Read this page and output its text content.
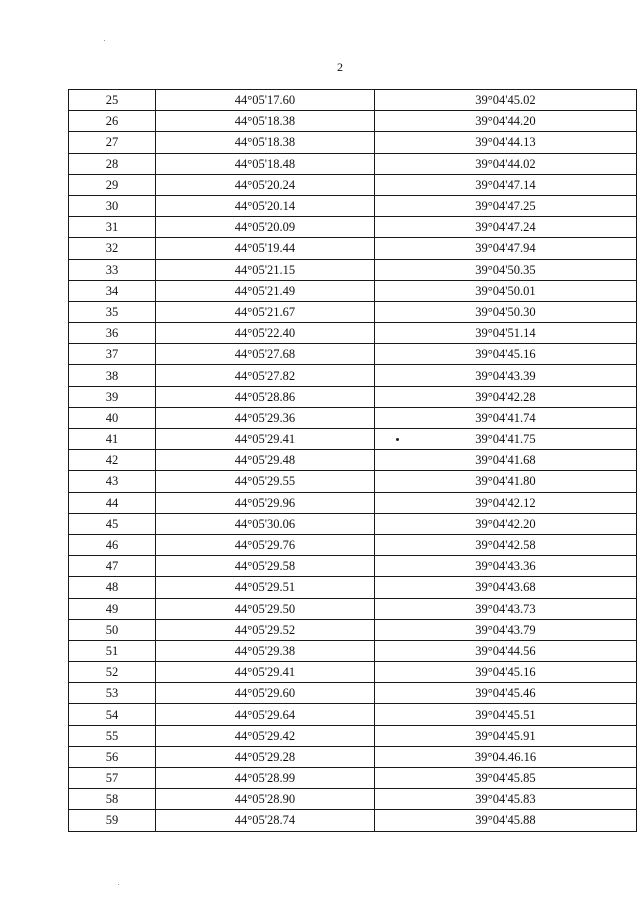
2
25	44°05'17.60	39°04'45.02
26	44°05'18.38	39°04'44.20
27	44°05'18.38	39°04'44.13
28	44°05'18.48	39°04'44.02
29	44°05'20.24	39°04'47.14
30	44°05'20.14	39°04'47.25
31	44°05'20.09	39°04'47.24
32	44°05'19.44	39°04'47.94
33	44°05'21.15	39°04'50.35
34	44°05'21.49	39°04'50.01
35	44°05'21.67	39°04'50.30
36	44°05'22.40	39°04'51.14
37	44°05'27.68	39°04'45.16
38	44°05'27.82	39°04'43.39
39	44°05'28.86	39°04'42.28
40	44°05'29.36	39°04'41.74
41	44°05'29.41	39°04'41.75
42	44°05'29.48	39°04'41.68
43	44°05'29.55	39°04'41.80
44	44°05'29.96	39°04'42.12
45	44°05'30.06	39°04'42.20
46	44°05'29.76	39°04'42.58
47	44°05'29.58	39°04'43.36
48	44°05'29.51	39°04'43.68
49	44°05'29.50	39°04'43.73
50	44°05'29.52	39°04'43.79
51	44°05'29.38	39°04'44.56
52	44°05'29.41	39°04'45.16
53	44°05'29.60	39°04'45.46
54	44°05'29.64	39°04'45.51
55	44°05'29.42	39°04'45.91
56	44°05'29.28	39°04.46.16
57	44°05'28.99	39°04'45.85
58	44°05'28.90	39°04'45.83
59	44°05'28.74	39°04'45.88
